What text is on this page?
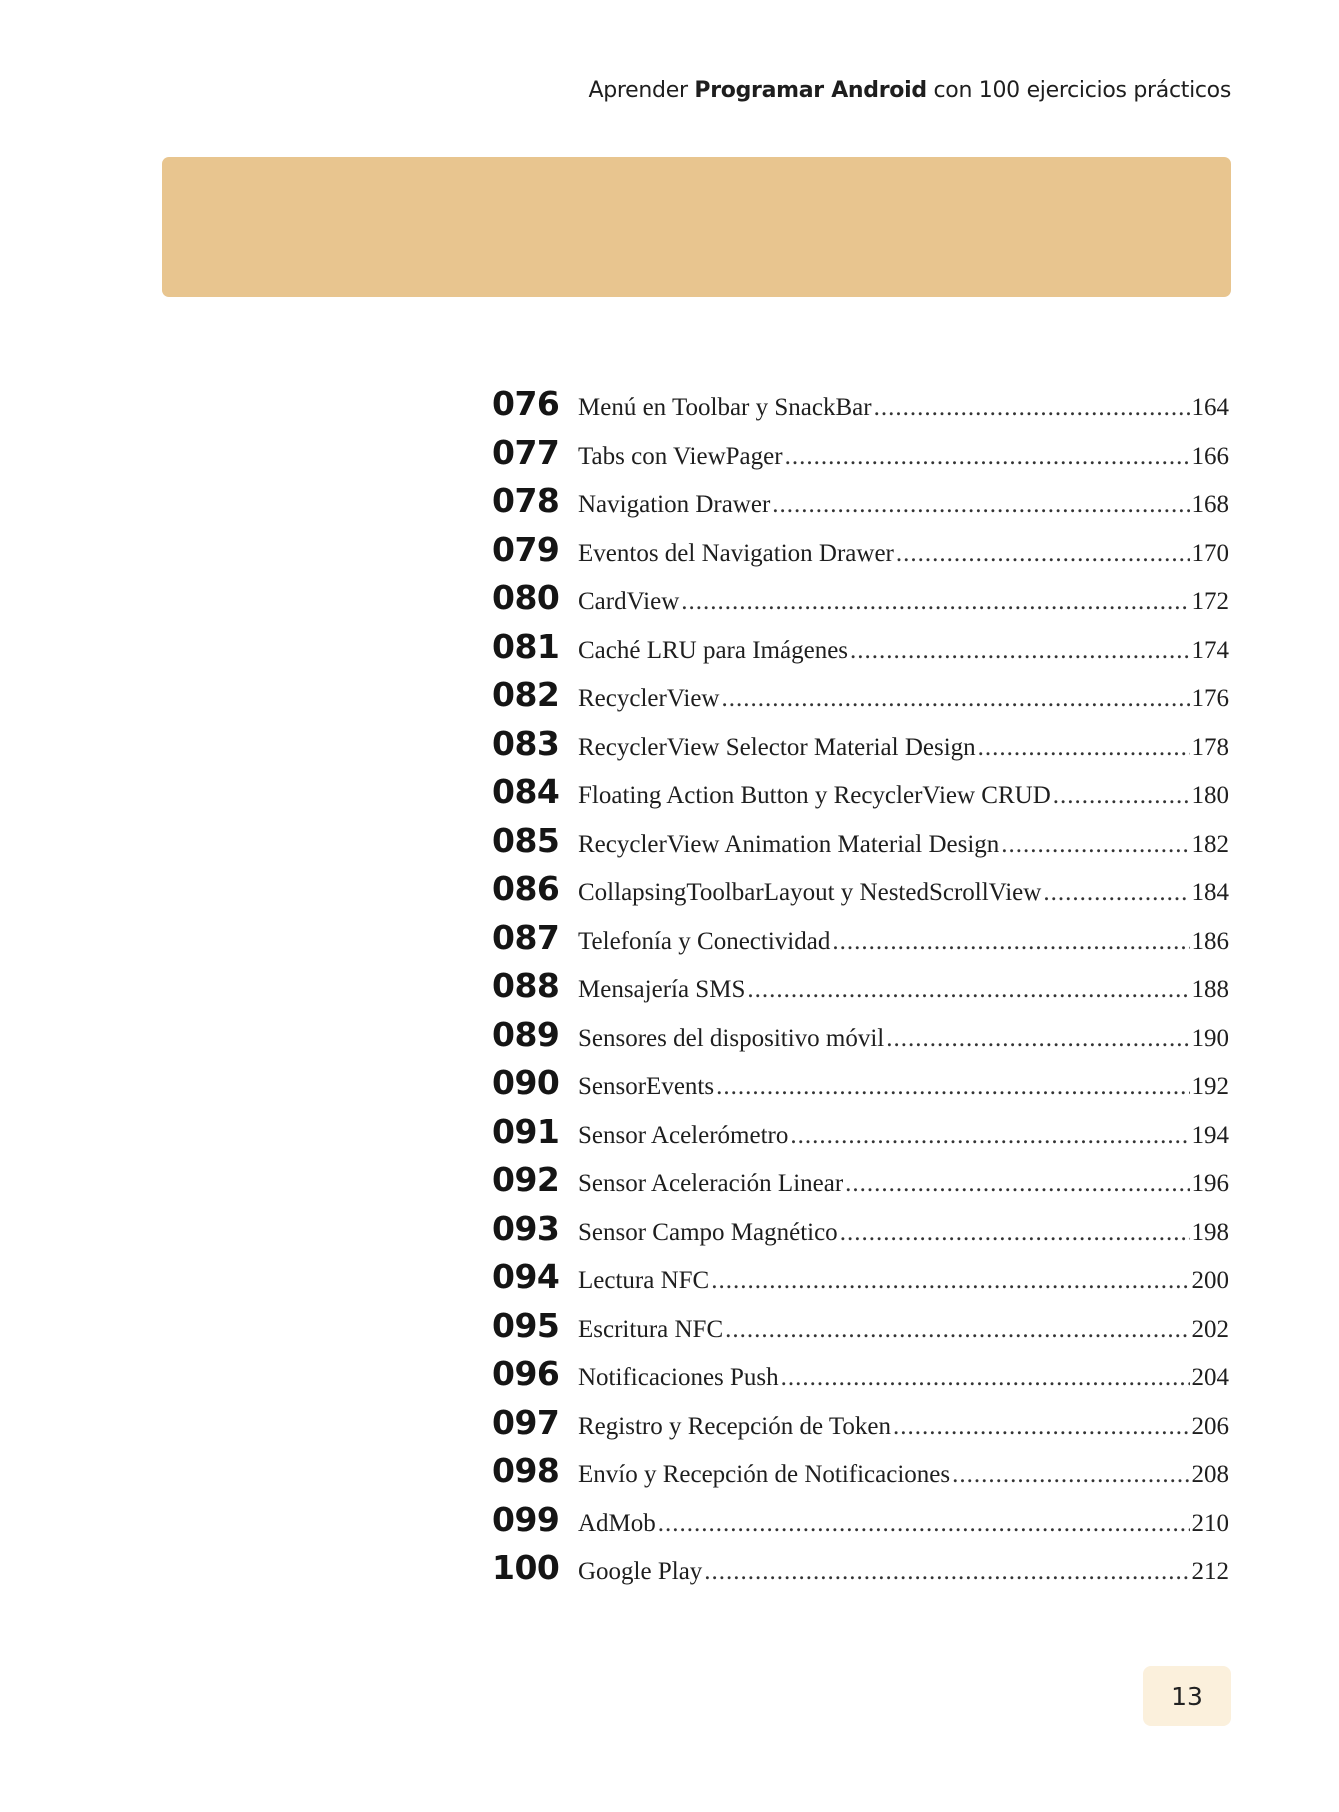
Aprender Programar Android con 100 ejercicios prácticos
076 Menú en Toolbar y SnackBar .....	164
077 Tabs con ViewPager .....	166
078 Navigation Drawer .....	168
079 Eventos del Navigation Drawer .....	170
080 CardView .....	172
081 Caché LRU para Imágenes .....	174
082 RecyclerView .....	176
083 RecyclerView Selector Material Design .....	178
084 Floating Action Button y RecyclerView CRUD .....	180
085 RecyclerView Animation Material Design .....	182
086 CollapsingToolbarLayout y NestedScrollView .....	184
087 Telefonía y Conectividad .....	186
088 Mensajería SMS .....	188
089 Sensores del dispositivo móvil .....	190
090 SensorEvents .....	192
091 Sensor Acelerómetro .....	194
092 Sensor Aceleración Linear .....	196
093 Sensor Campo Magnético .....	198
094 Lectura NFC .....	200
095 Escritura NFC .....	202
096 Notificaciones Push .....	204
097 Registro y Recepción de Token .....	206
098 Envío y Recepción de Notificaciones .....	208
099 AdMob .....	210
100 Google Play .....	212
13
